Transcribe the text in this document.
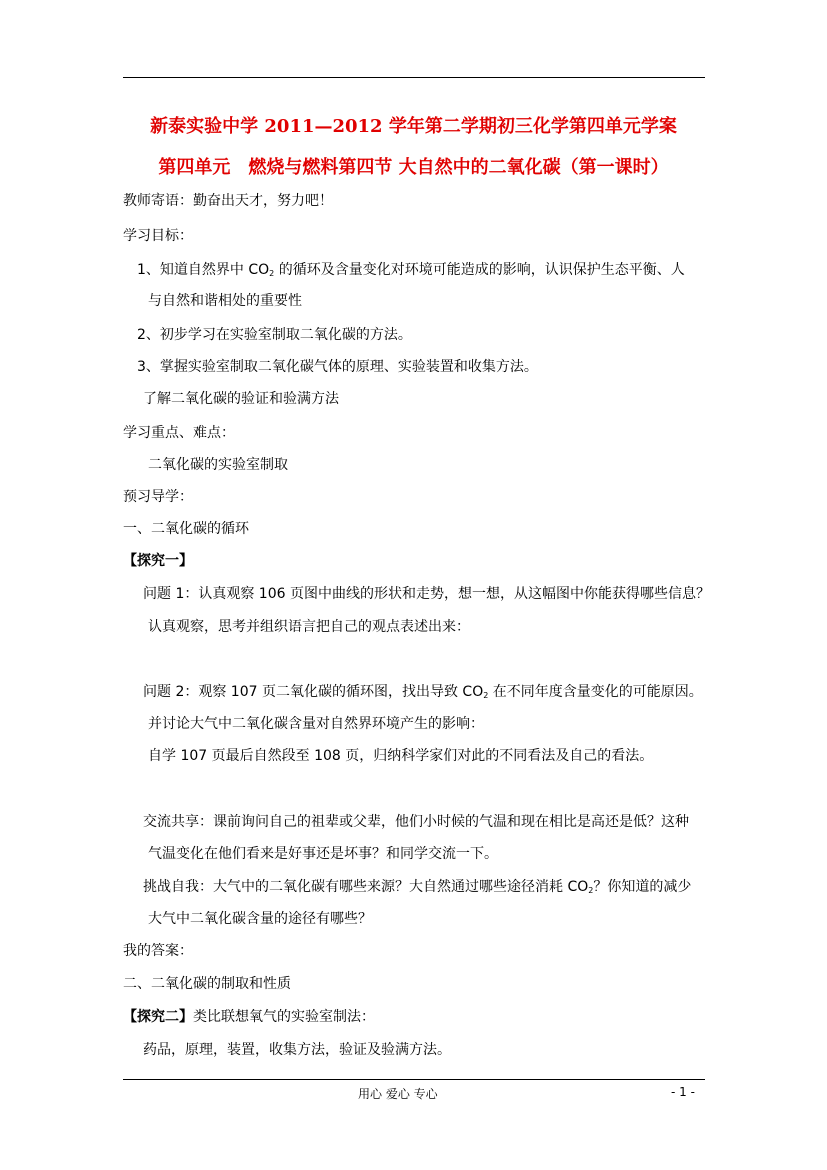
新泰实验中学 2011—2012 学年第二学期初三化学第四单元学案
第四单元　燃烧与燃料第四节 大自然中的二氧化碳（第一课时）
教师寄语：勤奋出天才，努力吧！
学习目标：
1、知道自然界中 $CO_2$ 的循环及含量变化对环境可能造成的影响，认识保护生态平衡、人
与自然和谐相处的重要性
2、初步学习在实验室制取二氧化碳的方法。
3、掌握实验室制取二氧化碳气体的原理、实验装置和收集方法。
了解二氧化碳的验证和验满方法
学习重点、难点：
二氧化碳的实验室制取
预习导学：
一、二氧化碳的循环
【探究一】
问题 1：认真观察 106 页图中曲线的形状和走势，想一想，从这幅图中你能获得哪些信息？
认真观察，思考并组织语言把自己的观点表述出来：
问题 2：观察 107 页二氧化碳的循环图，找出导致 $CO_2$ 在不同年度含量变化的可能原因。
并讨论大气中二氧化碳含量对自然界环境产生的影响：
自学 107 页最后自然段至 108 页，归纳科学家们对此的不同看法及自己的看法。
交流共享：课前询问自己的祖辈或父辈，他们小时候的气温和现在相比是高还是低？这种
气温变化在他们看来是好事还是坏事？和同学交流一下。
挑战自我：大气中的二氧化碳有哪些来源？大自然通过哪些途径消耗 $CO_2$？你知道的减少
大气中二氧化碳含量的途径有哪些？
我的答案：
二、二氧化碳的制取和性质
【探究二】类比联想氧气的实验室制法：
药品，原理，装置，收集方法，验证及验满方法。
用心 爱心 专心	- 1 -
